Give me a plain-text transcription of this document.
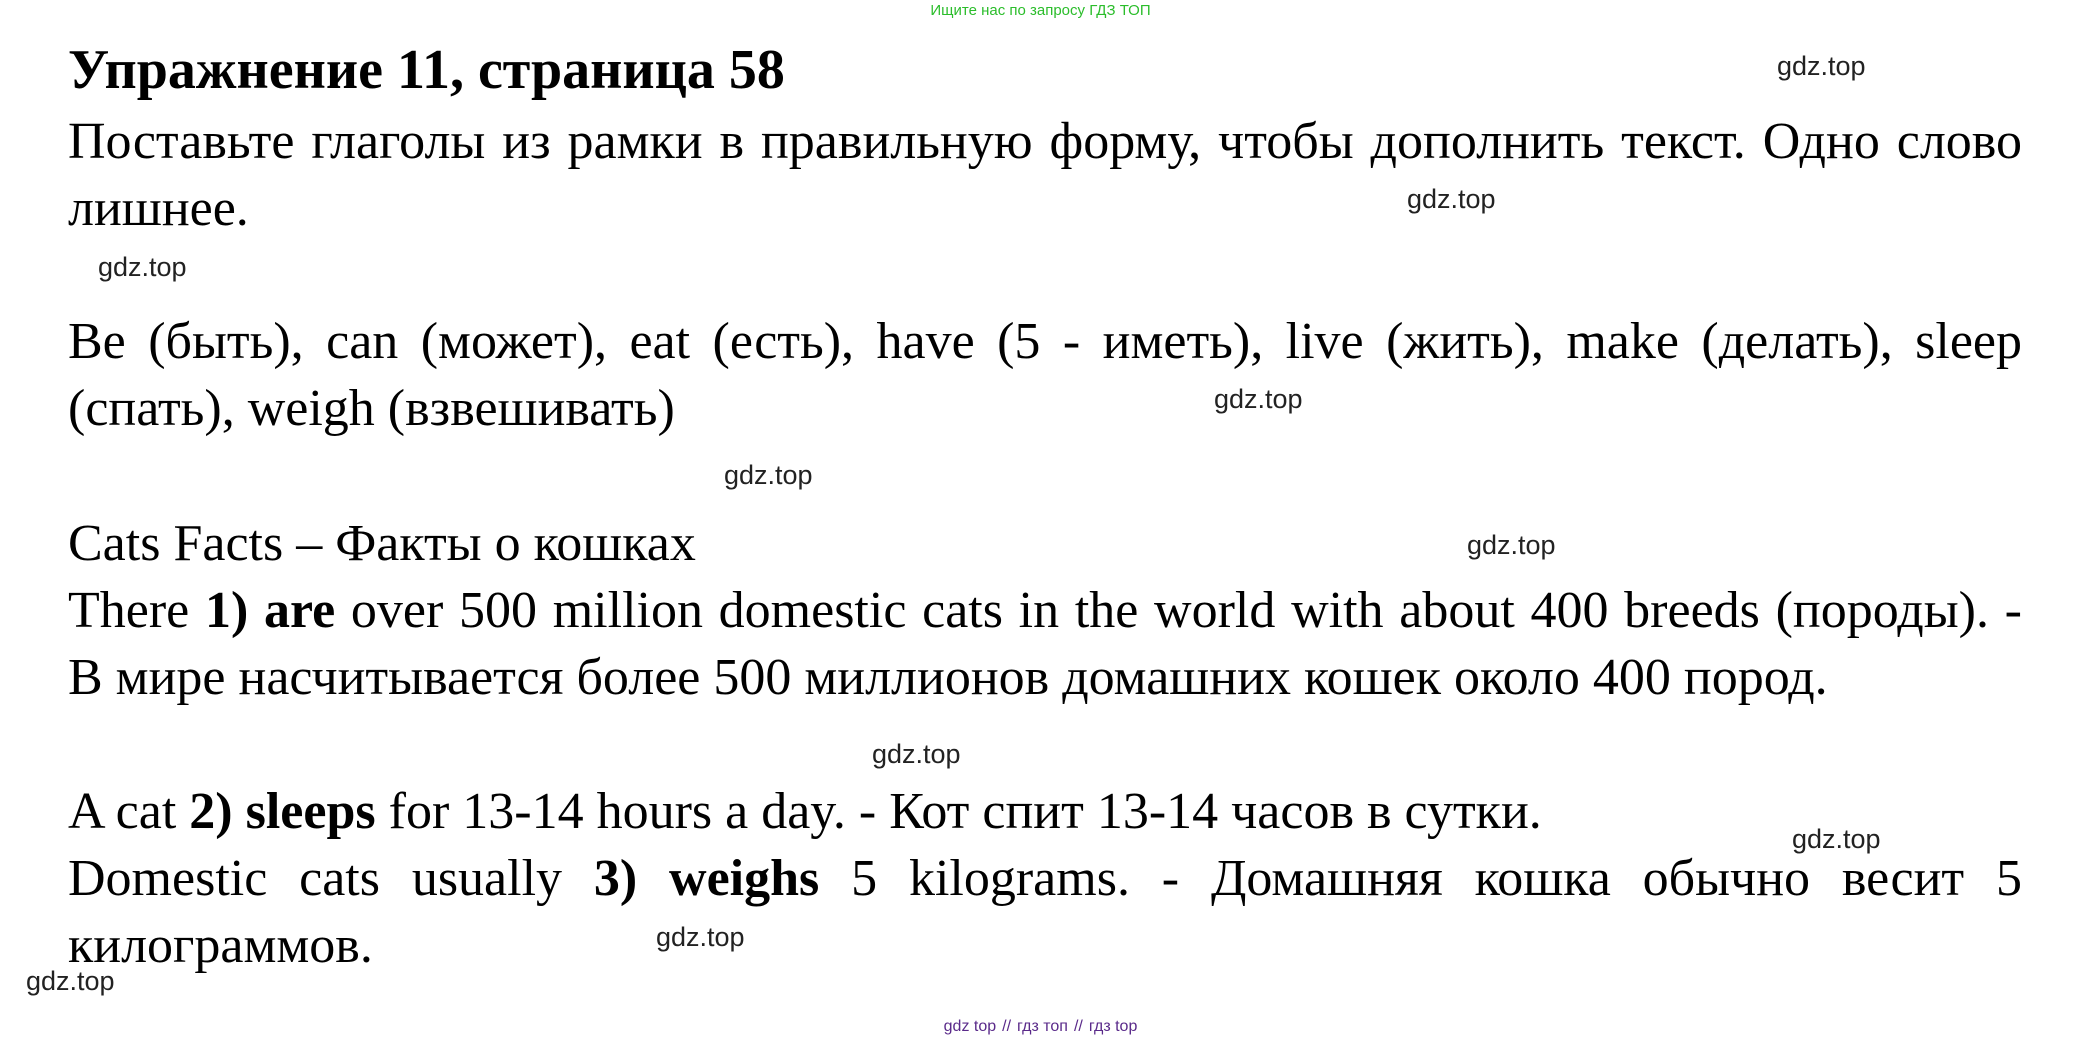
Ищите нас по запросу ГДЗ ТОП
Упражнение 11, страница 58
Поставьте глаголы из рамки в правильную форму, чтобы дополнить текст. Одно слово лишнее.
Be (быть), can (может), eat (есть), have (5 - иметь), live (жить), make (делать), sleep (спать), weigh (взвешивать)
Cats Facts – Факты о кошках
There 1) are over 500 million domestic cats in the world with about 400 breeds (породы). - В мире насчитывается более 500 миллионов домашних кошек около 400 пород.
A cat 2) sleeps for 13-14 hours a day. - Кот спит 13-14 часов в сутки.
Domestic cats usually 3) weighs 5 kilograms. - Домашняя кошка обычно весит 5 килограммов.
gdz.top
gdz.top
gdz.top
gdz.top
gdz.top
gdz.top
gdz.top
gdz.top
gdz.top
gdz.top
gdz top // гдз топ // гдз top
